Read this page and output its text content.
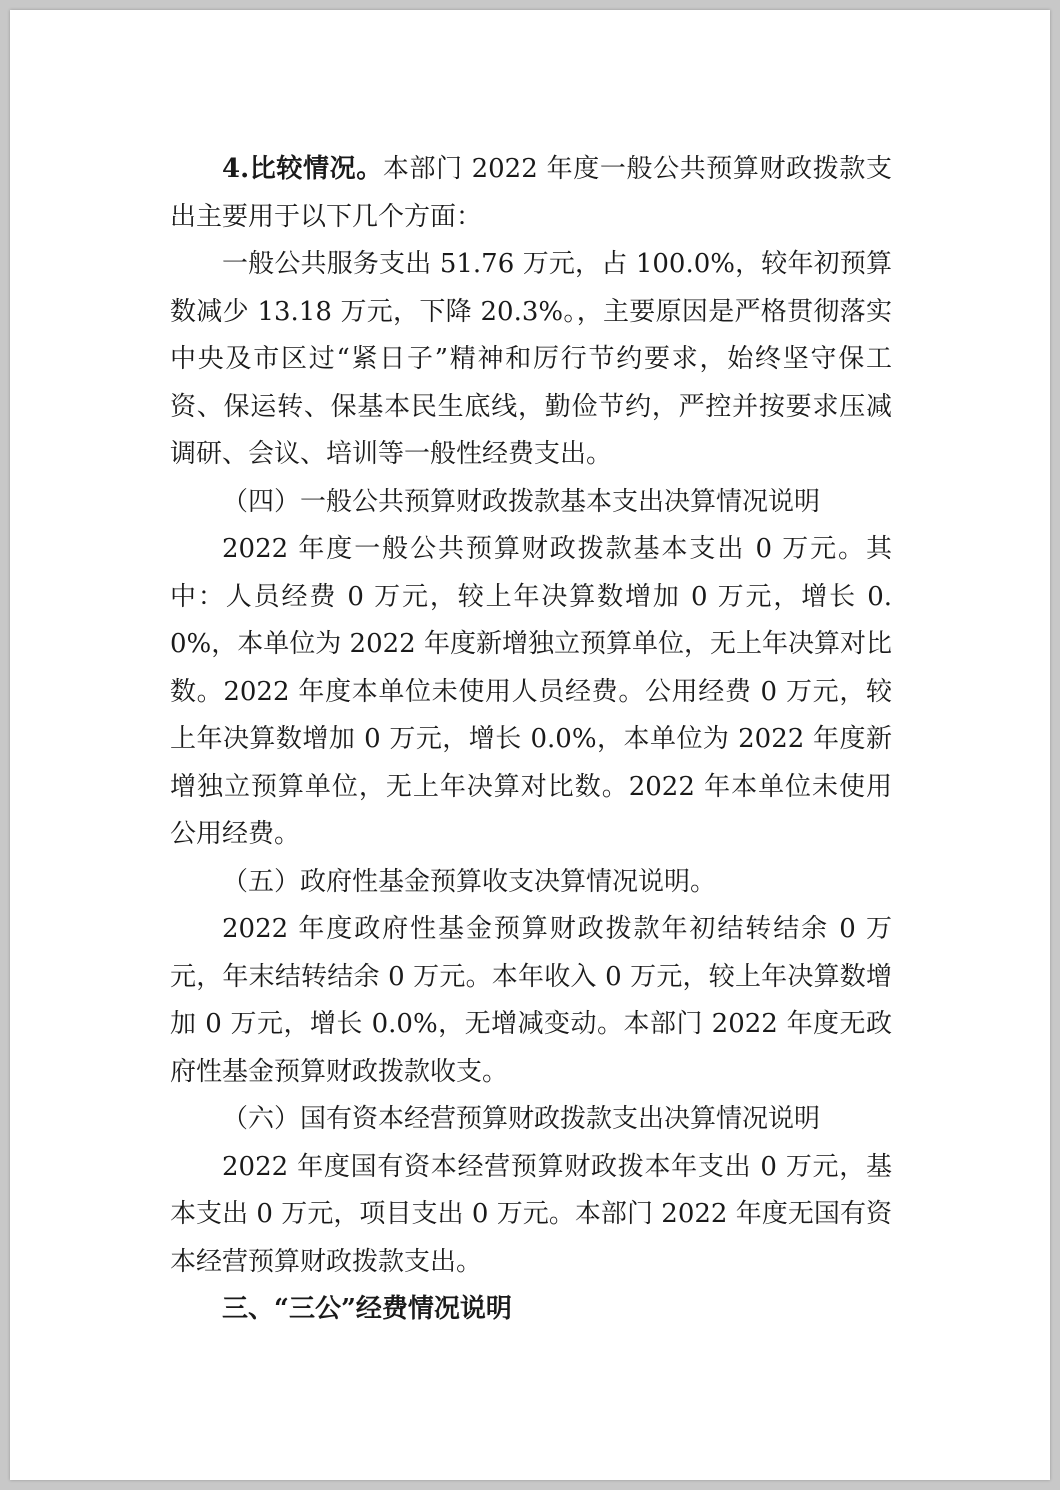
4.比较情况。本部门 2022 年度一般公共预算财政拨款支出主要用于以下几个方面：

一般公共服务支出 51.76 万元，占 100.0%，较年初预算数减少 13.18 万元，下降 20.3%。，主要原因是严格贯彻落实中央及市区过“紧日子”精神和厉行节约要求，始终坚守保工资、保运转、保基本民生底线，勤俭节约，严控并按要求压减调研、会议、培训等一般性经费支出。

（四）一般公共预算财政拨款基本支出决算情况说明

2022 年度一般公共预算财政拨款基本支出 0 万元。其中：人员经费 0 万元，较上年决算数增加 0 万元，增长 0.0%，本单位为 2022 年度新增独立预算单位，无上年决算对比数。2022 年度本单位未使用人员经费。公用经费 0 万元，较上年决算数增加 0 万元，增长 0.0%，本单位为 2022 年度新增独立预算单位，无上年决算对比数。2022 年本单位未使用公用经费。

（五）政府性基金预算收支决算情况说明。

2022 年度政府性基金预算财政拨款年初结转结余 0 万元，年末结转结余 0 万元。本年收入 0 万元，较上年决算数增加 0 万元，增长 0.0%，无增减变动。本部门 2022 年度无政府性基金预算财政拨款收支。

（六）国有资本经营预算财政拨款支出决算情况说明

2022 年度国有资本经营预算财政拨本年支出 0 万元，基本支出 0 万元，项目支出 0 万元。本部门 2022 年度无国有资本经营预算财政拨款支出。

三、“三公”经费情况说明
